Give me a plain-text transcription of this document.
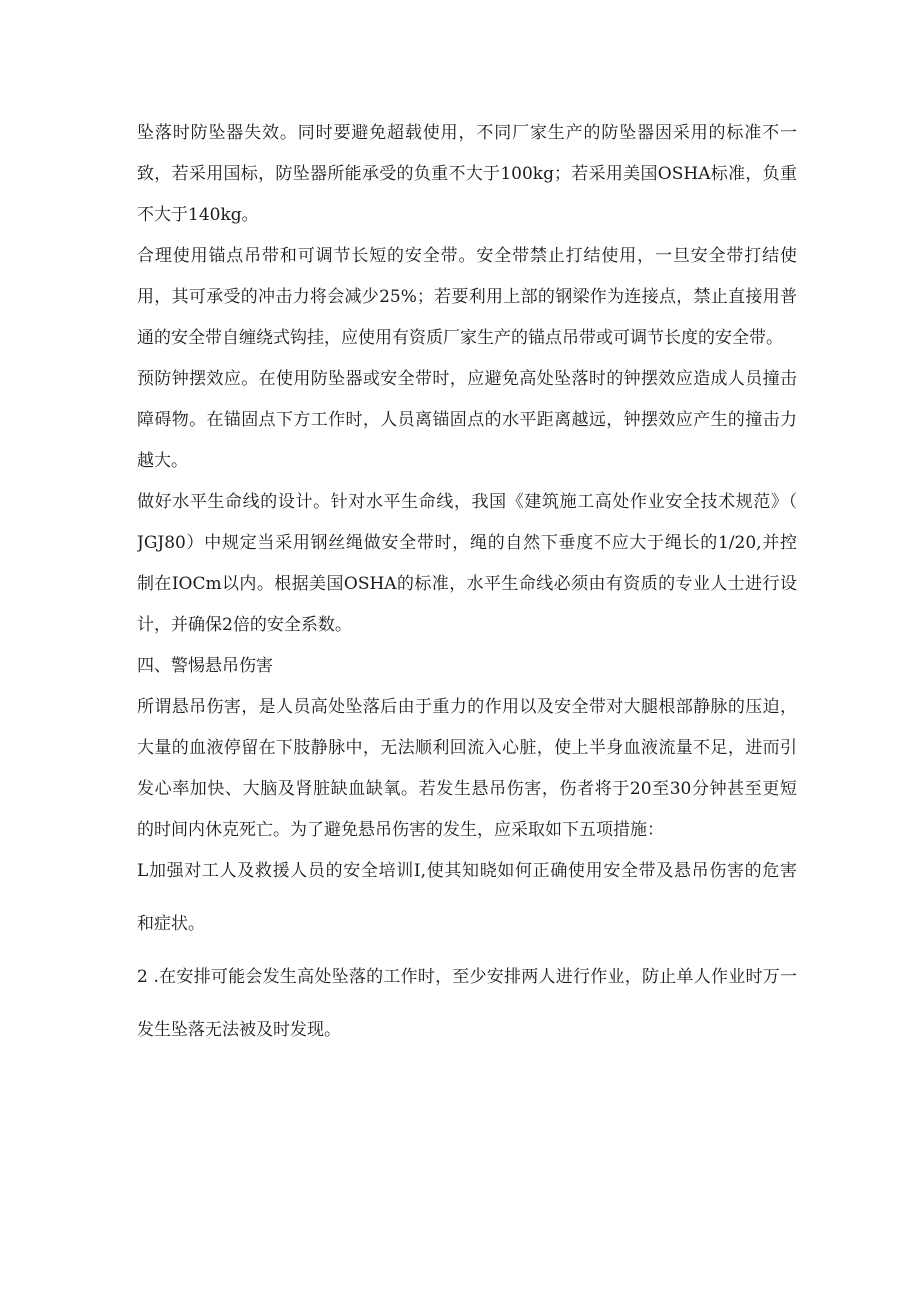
坠落时防坠器失效。同时要避免超载使用，不同厂家生产的防坠器因采用的标准不一
致，若采用国标，防坠器所能承受的负重不大于100kg；若采用美国OSHA标准，负重
不大于140kg。
合理使用锚点吊带和可调节长短的安全带。安全带禁止打结使用，一旦安全带打结使
用，其可承受的冲击力将会减少25%；若要利用上部的钢梁作为连接点，禁止直接用普
通的安全带自缠绕式钩挂，应使用有资质厂家生产的锚点吊带或可调节长度的安全带。
预防钟摆效应。在使用防坠器或安全带时，应避免高处坠落时的钟摆效应造成人员撞击
障碍物。在锚固点下方工作时，人员离锚固点的水平距离越远，钟摆效应产生的撞击力
越大。
做好水平生命线的设计。针对水平生命线，我国《建筑施工高处作业安全技术规范》（
JGJ80）中规定当采用钢丝绳做安全带时，绳的自然下垂度不应大于绳长的1/20,并控
制在IOCm以内。根据美国OSHA的标准，水平生命线必须由有资质的专业人士进行设
计，并确保2倍的安全系数。
四、警惕悬吊伤害
所谓悬吊伤害，是人员高处坠落后由于重力的作用以及安全带对大腿根部静脉的压迫，
大量的血液停留在下肢静脉中，无法顺利回流入心脏，使上半身血液流量不足，进而引
发心率加快、大脑及肾脏缺血缺氧。若发生悬吊伤害，伤者将于20至30分钟甚至更短
的时间内休克死亡。为了避免悬吊伤害的发生，应采取如下五项措施：
L加强对工人及救援人员的安全培训I,使其知晓如何正确使用安全带及悬吊伤害的危害
和症状。
2 .在安排可能会发生高处坠落的工作时，至少安排两人进行作业，防止单人作业时万一
发生坠落无法被及时发现。
